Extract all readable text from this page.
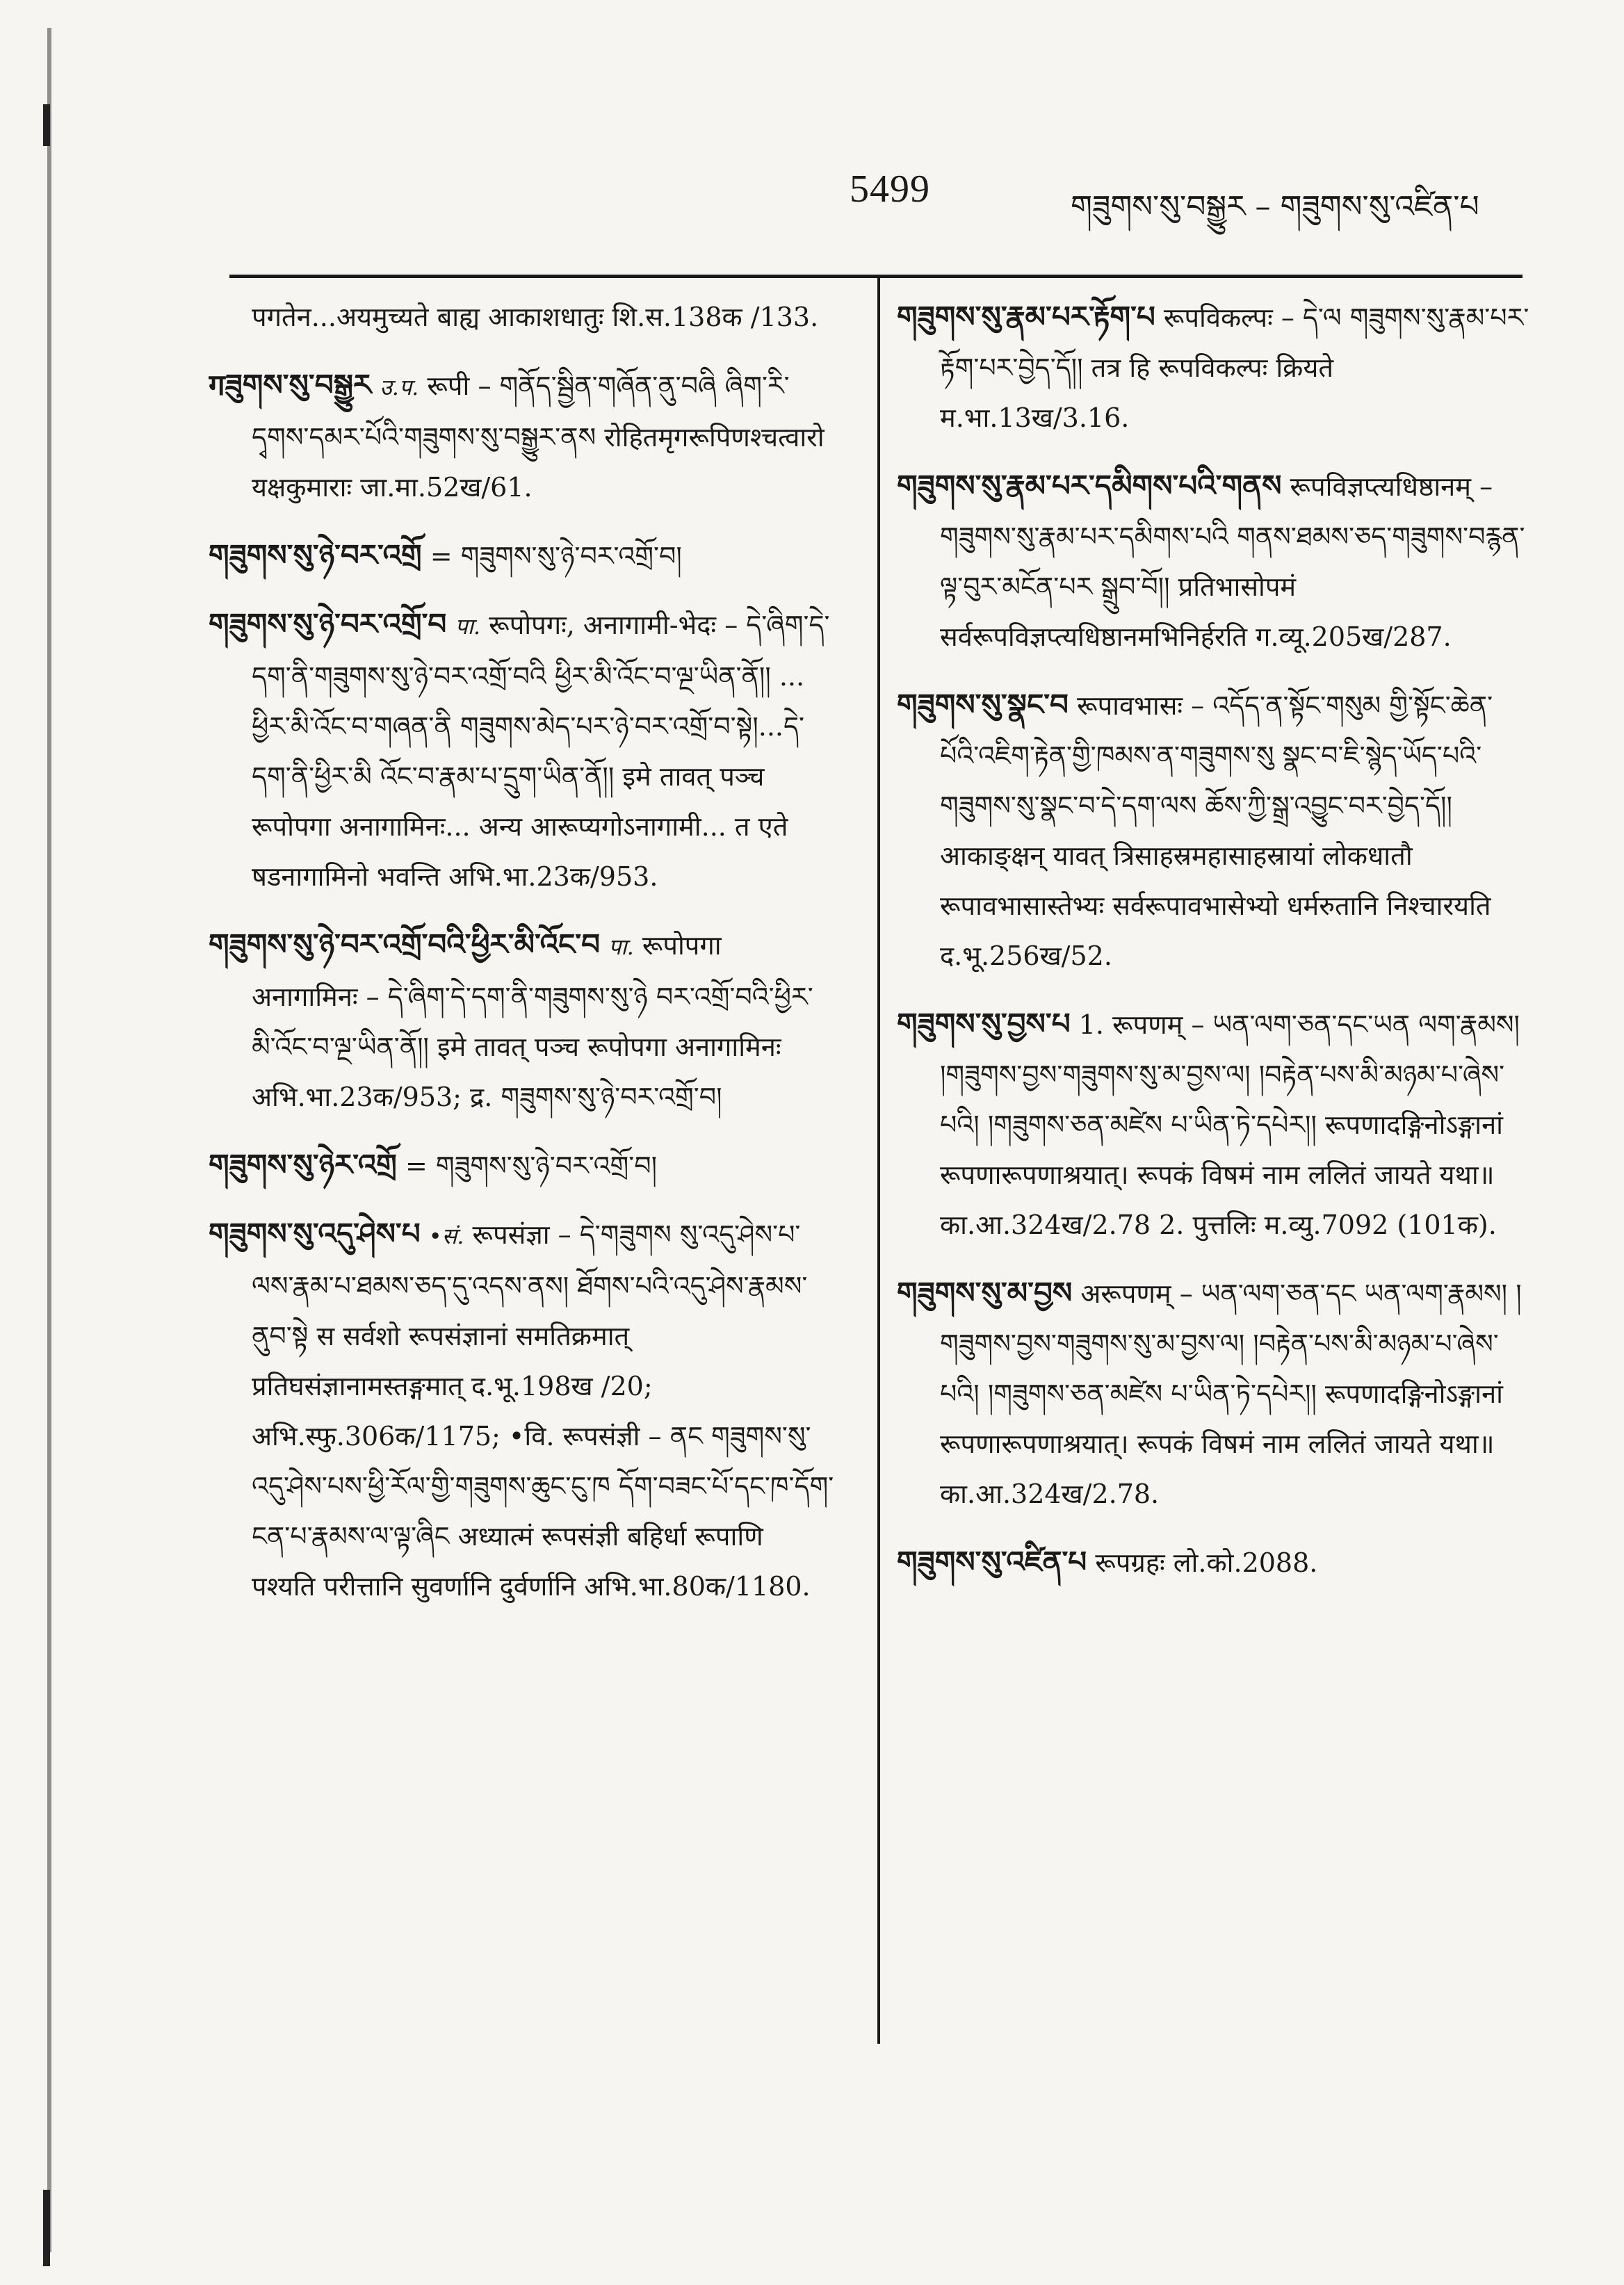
5499	གཟུགས་སུ་བསྒྱུར – གཟུགས་སུ་འཛིན་པ

पगतेन...अयमुच्यते बाह्य आकाशधातुः शि.स.138क /133.

गཟུགས་སུ་བསྒྱུར उ.प. रूपी – གནོད་སྦྱིན་གཞོན་ནུ་བཞི ཞིག་རི་དྭགས་དམར་པོའི་གཟུགས་སུ་བསྒྱུར་ནས रोहितमृगरूपिणश्चत्वारो यक्षकुमाराः जा.मा.52ख/61.

གཟུགས་སུ་ཉེ་བར་འགྲོ = གཟུགས་སུ་ཉེ་བར་འགྲོ་བ།

གཟུགས་སུ་ཉེ་བར་འགྲོ་བ पा. रूपोपगः, अनागामी-भेदः – དེ་ཞིག་དེ་དག་ནི་གཟུགས་སུ་ཉེ་བར་འགྲོ་བའི ཕྱིར་མི་འོང་བ་ལྔ་ཡིན་ནོ།། ... ཕྱིར་མི་འོང་བ་གཞན་ནི གཟུགས་མེད་པར་ཉེ་བར་འགྲོ་བ་སྟེ།...དེ་དག་ནི་ཕྱིར་མི འོང་བ་རྣམ་པ་དྲུག་ཡིན་ནོ།། इमे तावत् पञ्च रूपोपगा अनागामिनः... अन्य आरूप्यगोऽनागामी... त एते षडनागामिनो भवन्ति अभि.भा.23क/953.

གཟུགས་སུ་ཉེ་བར་འགྲོ་བའི་ཕྱིར་མི་འོང་བ पा. रूपोपगा अनागामिनः – དེ་ཞིག་དེ་དག་ནི་གཟུགས་སུ་ཉེ བར་འགྲོ་བའི་ཕྱིར་མི་འོང་བ་ལྔ་ཡིན་ནོ།། इमे तावत् पञ्च रूपोपगा अनागामिनः अभि.भा.23क/953; द्र. གཟུགས་སུ་ཉེ་བར་འགྲོ་བ།

གཟུགས་སུ་ཉེར་འགྲོ = གཟུགས་སུ་ཉེ་བར་འགྲོ་བ།

གཟུགས་སུ་འདུ་ཤེས་པ •सं. रूपसंज्ञा – དེ་གཟུགས སུ་འདུ་ཤེས་པ་ལས་རྣམ་པ་ཐམས་ཅད་དུ་འདས་ནས། ཐོགས་པའི་འདུ་ཤེས་རྣམས་ནུབ་སྟེ स सर्वशो रूपसंज्ञानां समतिक्रमात् प्रतिघसंज्ञानामस्तङ्गमात् द.भू.198ख /20; अभि.स्फु.306क/1175; •वि. रूपसंज्ञी – ནང གཟུགས་སུ་འདུ་ཤེས་པས་ཕྱི་རོལ་གྱི་གཟུགས་ཆུང་ངུ་ཁ དོག་བཟང་པོ་དང་ཁ་དོག་ངན་པ་རྣམས་ལ་ལྟ་ཞིང अध्यात्मं रूपसंज्ञी बहिर्धा रूपाणि पश्यति परीत्तानि सुवर्णानि दुर्वर्णानि अभि.भा.80क/1180.

གཟུགས་སུ་རྣམ་པར་རྟོག་པ रूपविकल्पः – དེ་ལ གཟུགས་སུ་རྣམ་པར་རྟོག་པར་བྱེད་དོ།། तत्र हि रूपविकल्पः क्रियते म.भा.13ख/3.16.

གཟུགས་སུ་རྣམ་པར་དམིགས་པའི་གནས रूपविज्ञप्त्यधिष्ठानम् – གཟུགས་སུ་རྣམ་པར་དམིགས་པའི གནས་ཐམས་ཅད་གཟུགས་བརྙན་ལྟ་བུར་མངོན་པར སྒྲུབ་བོ།། प्रतिभासोपमं सर्वरूपविज्ञप्त्यधिष्ठानमभिनिर्हरति ग.व्यू.205ख/287.

གཟུགས་སུ་སྣང་བ रूपावभासः – འདོད་ན་སྟོང་གསུམ གྱི་སྟོང་ཆེན་པོའི་འཇིག་རྟེན་གྱི་ཁམས་ན་གཟུགས་སུ སྣང་བ་ཇི་སྙེད་ཡོད་པའི་གཟུགས་སུ་སྣང་བ་དེ་དག་ལས ཆོས་ཀྱི་སྒྲ་འབྱུང་བར་བྱེད་དོ།། आकाङ्क्षन् यावत् त्रिसाहस्रमहासाहस्रायां लोकधातौ रूपावभासास्तेभ्यः सर्वरूपावभासेभ्यो धर्मरुतानि निश्चारयति द.भू.256ख/52.

གཟུགས་སུ་བྱས་པ 1. रूपणम् – ཡན་ལག་ཅན་དང་ཡན ལག་རྣམས། །གཟུགས་བྱས་གཟུགས་སུ་མ་བྱས་ལ། །བརྟེན་པས་མི་མཉམ་པ་ཞེས་པའི། །གཟུགས་ཅན་མཛེས པ་ཡིན་ཏེ་དཔེར།། रूपणादङ्गिनोऽङ्गानां रूपणारूपणाश्रयात्। रूपकं विषमं नाम ललितं जायते यथा॥ का.आ.324ख/2.78 2. पुत्तलिः म.व्यु.7092 (101क).

གཟུགས་སུ་མ་བྱས अरूपणम् – ཡན་ལག་ཅན་དང ཡན་ལག་རྣམས། །གཟུགས་བྱས་གཟུགས་སུ་མ་བྱས་ལ། །བརྟེན་པས་མི་མཉམ་པ་ཞེས་པའི། །གཟུགས་ཅན་མཛེས པ་ཡིན་ཏེ་དཔེར།། रूपणादङ्गिनोऽङ्गानां रूपणारूपणाश्रयात्। रूपकं विषमं नाम ललितं जायते यथा॥ का.आ.324ख/2.78.

གཟུགས་སུ་འཛིན་པ रूपग्रहः लो.को.2088.
